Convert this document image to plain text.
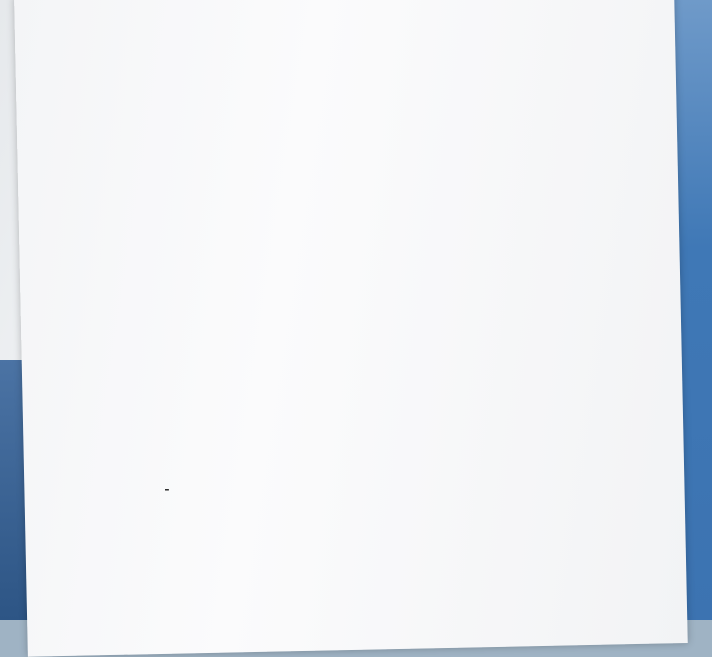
-
-
-
